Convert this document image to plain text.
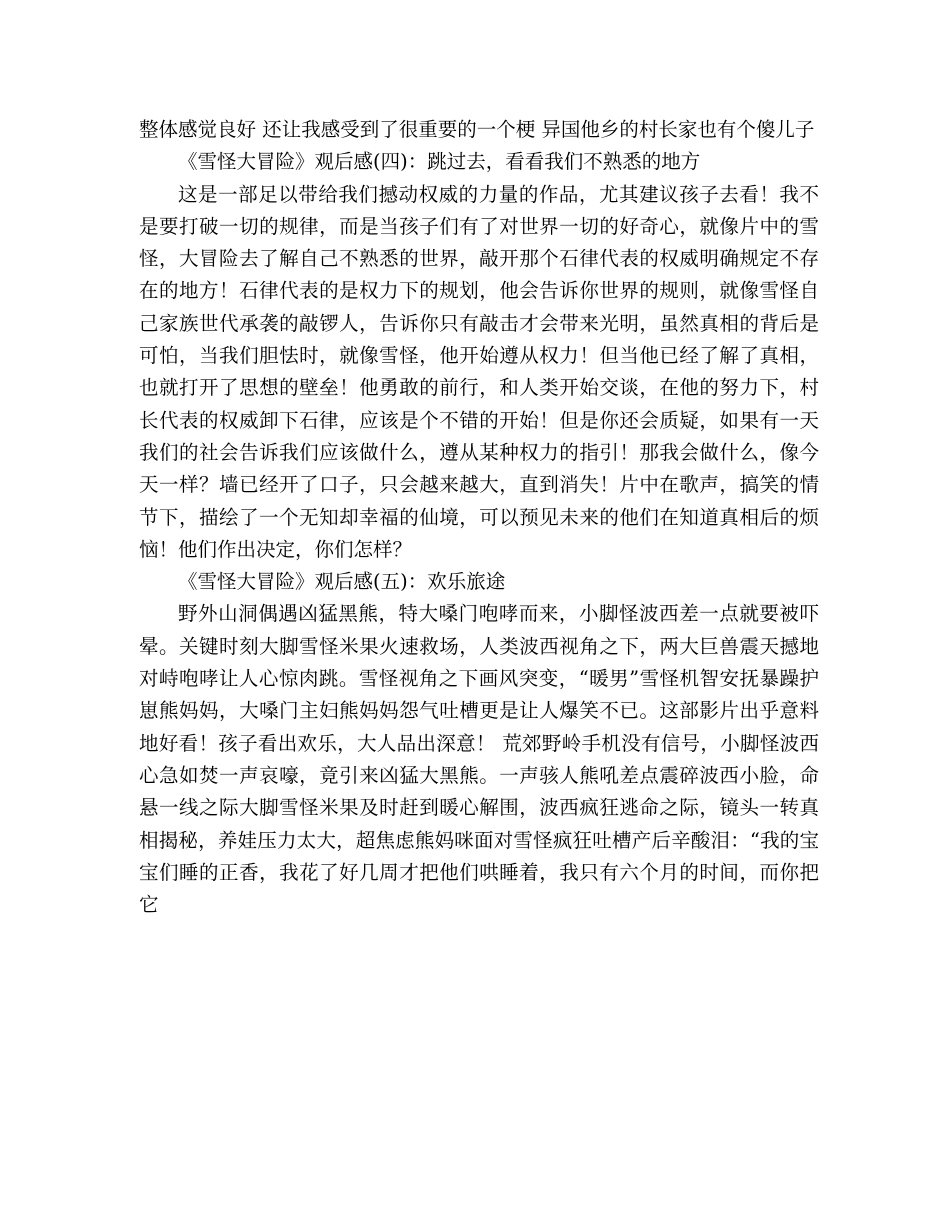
整体感觉良好 还让我感受到了很重要的一个梗 异国他乡的村长家也有个傻儿子

《雪怪大冒险》观后感(四)：跳过去，看看我们不熟悉的地方

这是一部足以带给我们撼动权威的力量的作品，尤其建议孩子去看！我不是要打破一切的规律，而是当孩子们有了对世界一切的好奇心，就像片中的雪怪，大冒险去了解自己不熟悉的世界，敲开那个石律代表的权威明确规定不存在的地方！石律代表的是权力下的规划，他会告诉你世界的规则，就像雪怪自己家族世代承袭的敲锣人，告诉你只有敲击才会带来光明，虽然真相的背后是可怕，当我们胆怯时，就像雪怪，他开始遵从权力！但当他已经了解了真相，也就打开了思想的壁垒！他勇敢的前行，和人类开始交谈，在他的努力下，村长代表的权威卸下石律，应该是个不错的开始！但是你还会质疑，如果有一天我们的社会告诉我们应该做什么，遵从某种权力的指引！那我会做什么，像今天一样？墙已经开了口子，只会越来越大，直到消失！片中在歌声，搞笑的情节下，描绘了一个无知却幸福的仙境，可以预见未来的他们在知道真相后的烦恼！他们作出决定，你们怎样？

《雪怪大冒险》观后感(五)：欢乐旅途

野外山洞偶遇凶猛黑熊，特大嗓门咆哮而来，小脚怪波西差一点就要被吓晕。关键时刻大脚雪怪米果火速救场，人类波西视角之下，两大巨兽震天撼地对峙咆哮让人心惊肉跳。雪怪视角之下画风突变，“暖男”雪怪机智安抚暴躁护崽熊妈妈，大嗓门主妇熊妈妈怨气吐槽更是让人爆笑不已。这部影片出乎意料地好看！孩子看出欢乐，大人品出深意！ 荒郊野岭手机没有信号，小脚怪波西心急如焚一声哀嚎，竟引来凶猛大黑熊。一声骇人熊吼差点震碎波西小脸，命悬一线之际大脚雪怪米果及时赶到暖心解围，波西疯狂逃命之际，镜头一转真相揭秘，养娃压力太大，超焦虑熊妈咪面对雪怪疯狂吐槽产后辛酸泪：“我的宝宝们睡的正香，我花了好几周才把他们哄睡着，我只有六个月的时间，而你把它
